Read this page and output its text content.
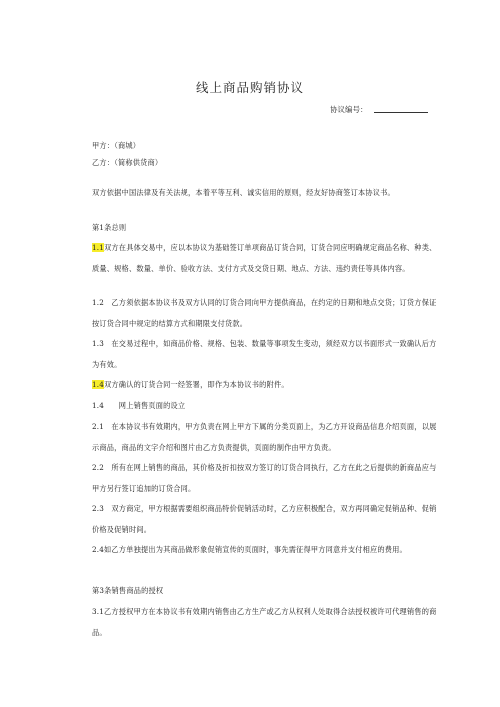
线上商品购销协议
协议编号：

甲方：（商城）

乙方：（简称供货商）

双方依据中国法律及有关法规，本着平等互利、诚实信用的原则，经友好协商签订本协议书。

第1条总则

1.1双方在具体交易中，应以本协议为基础签订单项商品订货合同，订货合同应明确规定商品名称、种类、质量、规格、数量、单价、验收方法、支付方式及交货日期、地点、方法、违约责任等具体内容。

1.2　乙方须依据本协议书及双方认同的订货合同向甲方提供商品，在约定的日期和地点交货；订货方保证按订货合同中规定的结算方式和期限支付货款。

1.3　在交易过程中，如商品价格、规格、包装、数量等事项发生变动，须经双方以书面形式一致确认后方为有效。

1.4双方确认的订货合同一经签署，即作为本协议书的附件。

1.4　　网上销售页面的设立

2.1　在本协议书有效期内，甲方负责在网上甲方下属的分类页面上，为乙方开设商品信息介绍页面，以展示商品，商品的文字介绍和图片由乙方负责提供，页面的制作由甲方负责。

2.2　所有在网上销售的商品，其价格及折扣按双方签订的订货合同执行，乙方在此之后提供的新商品应与甲方另行签订追加的订货合同。

2.3　双方商定，甲方根据需要组织商品特价促销活动时，乙方应积极配合，双方再同确定促销品种、促销价格及促销时间。

2.4如乙方单独提出为其商品做形象促销宣传的页面时，事先需征得甲方同意并支付相应的费用。

第3条销售商品的授权

3.1乙方授权甲方在本协议书有效期内销售由乙方生产或乙方从权利人处取得合法授权被许可代理销售的商品。
